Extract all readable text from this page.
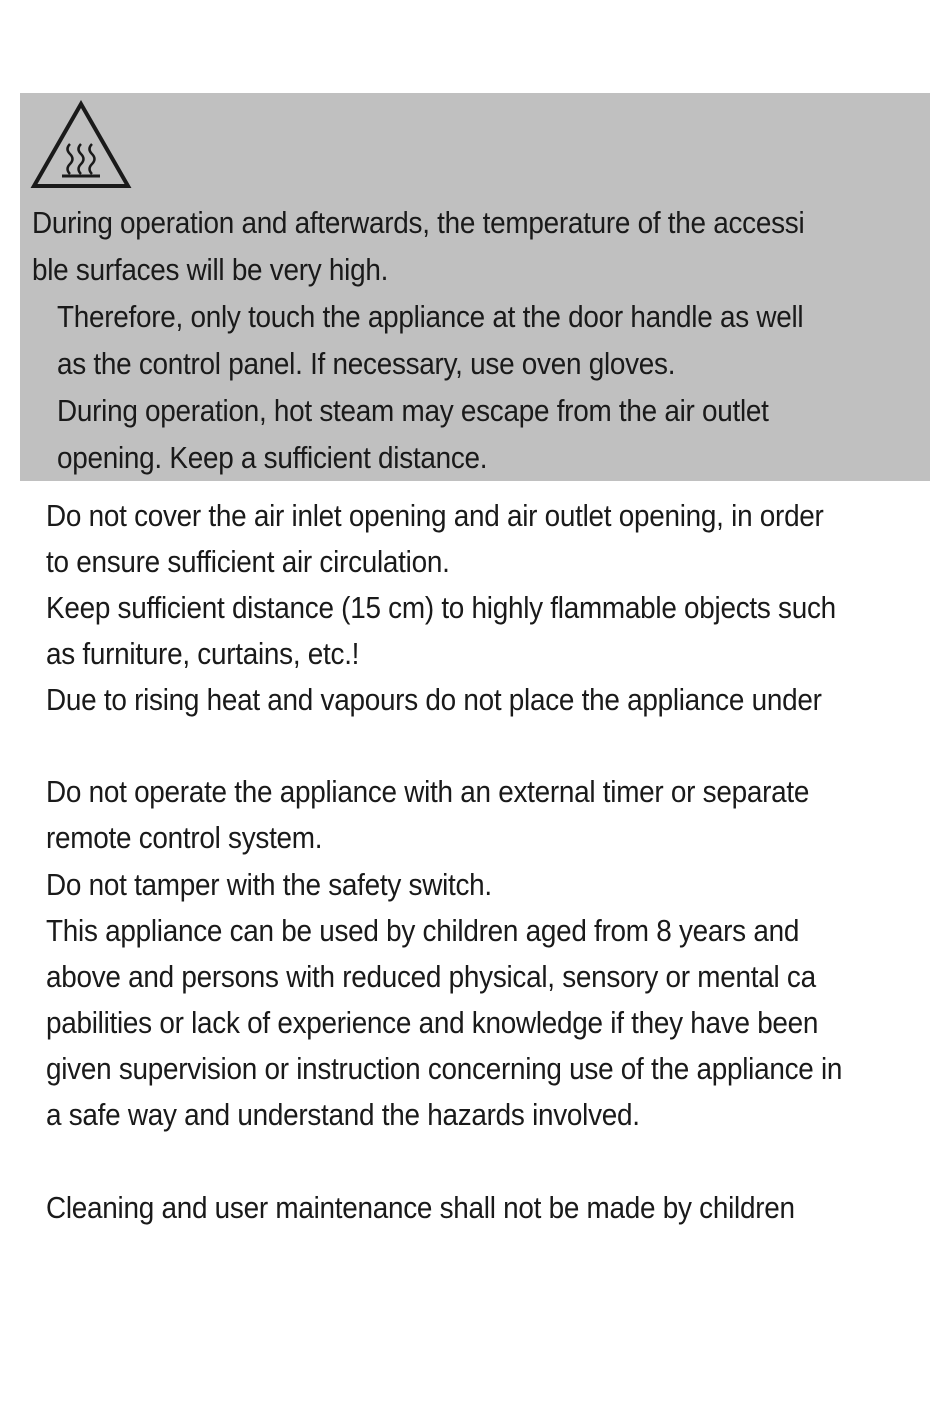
During operation and afterwards, the temperature of the accessi

ble surfaces will be very high.

Therefore, only touch the appliance at the door handle as well

as the control panel. If necessary, use oven gloves.

During operation, hot steam may escape from the air outlet

opening. Keep a sufficient distance.

Do not cover the air inlet opening and air outlet opening, in order

to ensure sufficient air circulation.

Keep sufficient distance (15 cm) to highly flammable objects such

as furniture, curtains, etc.!

Due to rising heat and vapours do not place the appliance under

Do not operate the appliance with an external timer or separate

remote control system.

Do not tamper with the safety switch.

This appliance can be used by children aged from 8 years and

above and persons with reduced physical, sensory or mental ca

pabilities or lack of experience and knowledge if they have been

given supervision or instruction concerning use of the appliance in

a safe way and understand the hazards involved.

Cleaning and user maintenance shall not be made by children
